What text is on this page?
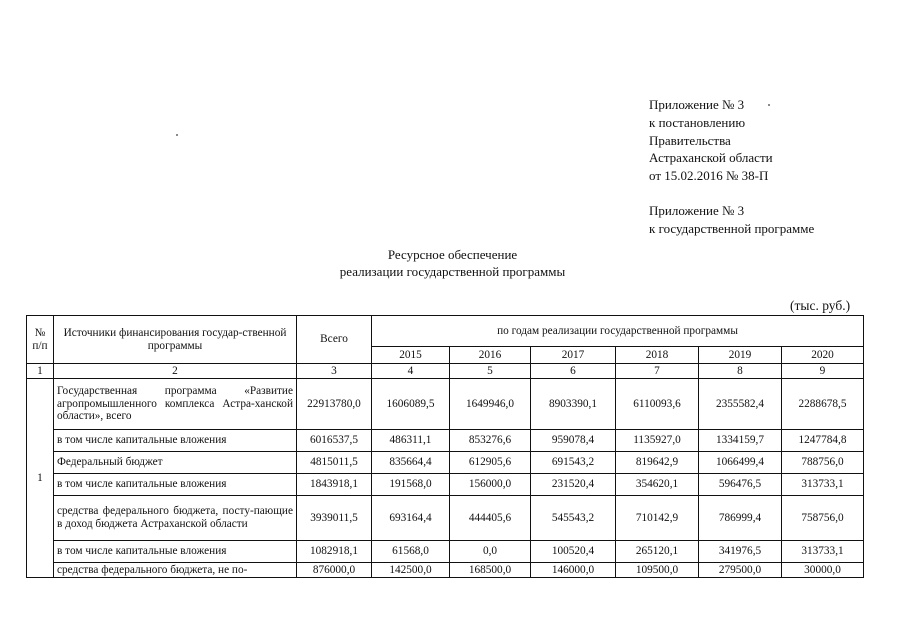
Приложение № 3
к постановлению
Правительства
Астраханской области
от 15.02.2016 № 38-П
Приложение № 3
к государственной программе
Ресурсное обеспечение
реализации государственной программы
(тыс. руб.)
№ п/п	Источники финансирования государ-ственной программы	Всего	по годам реализации государственной программы					
			2015	2016	2017	2018	2019	2020
1	2	3	4	5	6	7	8	9
1	Государственная программа «Развитие агропромышленного комплекса Астра-ханской области», всего	22913780,0	1606089,5	1649946,0	8903390,1	6110093,6	2355582,4	2288678,5
	в том числе капитальные вложения	6016537,5	486311,1	853276,6	959078,4	1135927,0	1334159,7	1247784,8
	Федеральный бюджет	4815011,5	835664,4	612905,6	691543,2	819642,9	1066499,4	788756,0
	в том числе капитальные вложения	1843918,1	191568,0	156000,0	231520,4	354620,1	596476,5	313733,1
	средства федерального бюджета, посту-пающие в доход бюджета Астраханской области	3939011,5	693164,4	444405,6	545543,2	710142,9	786999,4	758756,0
	в том числе капитальные вложения	1082918,1	61568,0	0,0	100520,4	265120,1	341976,5	313733,1
	средства федерального бюджета, не по-	876000,0	142500,0	168500,0	146000,0	109500,0	279500,0	30000,0
